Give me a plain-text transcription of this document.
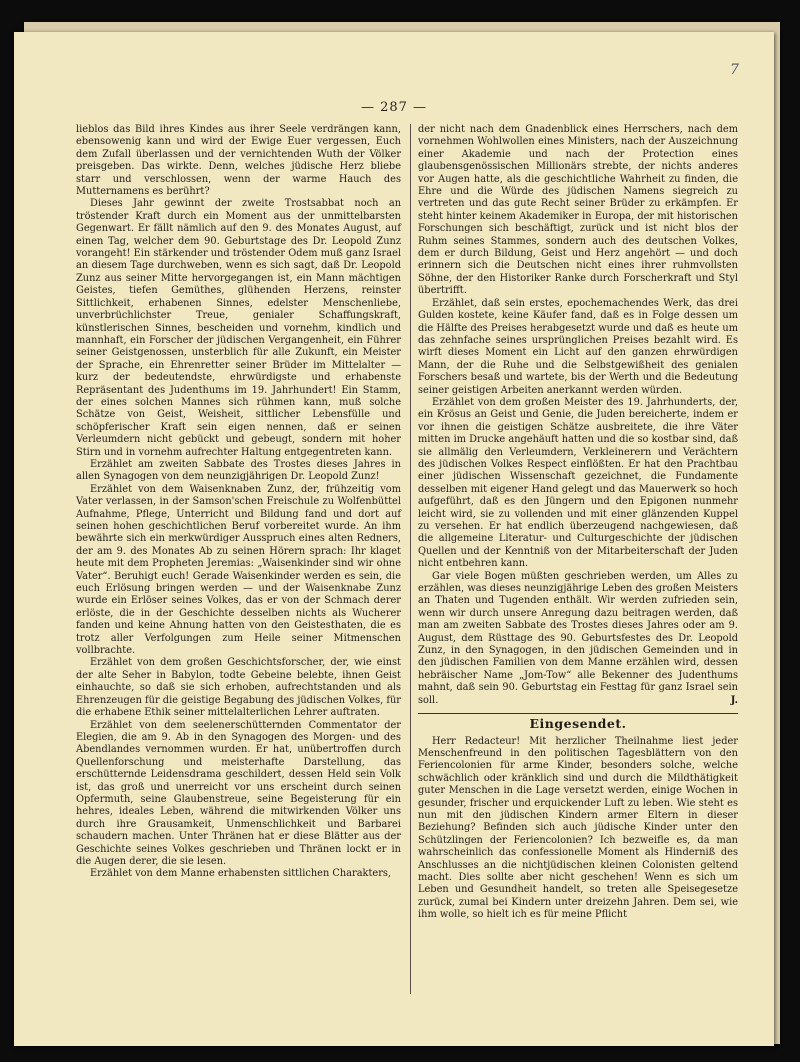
7
— 287 —

lieblos das Bild ihres Kindes aus ihrer Seele verdrängen kann, ebensowenig kann und wird der Ewige Euer vergessen, Euch dem Zufall überlassen und der vernichtenden Wuth der Völker preisgeben. Das wirkte. Denn, welches jüdische Herz bliebe starr und verschlossen, wenn der warme Hauch des Mutternamens es berührt?

Dieses Jahr gewinnt der zweite Trostsabbat noch an tröstender Kraft durch ein Moment aus der unmittelbarsten Gegenwart. Er fällt nämlich auf den 9. des Monates August, auf einen Tag, welcher dem 90. Geburtstage des Dr. Leopold Zunz vorangeht! Ein stärkender und tröstender Odem muß ganz Israel an diesem Tage durchweben, wenn es sich sagt, daß Dr. Leopold Zunz aus seiner Mitte hervorgegangen ist, ein Mann mächtigen Geistes, tiefen Gemüthes, glühenden Herzens, reinster Sittlichkeit, erhabenen Sinnes, edelster Menschenliebe, unverbrüchlichster Treue, genialer Schaffungskraft, künstlerischen Sinnes, bescheiden und vornehm, kindlich und mannhaft, ein Forscher der jüdischen Vergangenheit, ein Führer seiner Geistgenossen, unsterblich für alle Zukunft, ein Meister der Sprache, ein Ehrenretter seiner Brüder im Mittelalter — kurz der bedeutendste, ehrwürdigste und erhabenste Repräsentant des Judenthums im 19. Jahrhundert! Ein Stamm, der eines solchen Mannes sich rühmen kann, muß solche Schätze von Geist, Weisheit, sittlicher Lebensfülle und schöpferischer Kraft sein eigen nennen, daß er seinen Verleumdern nicht gebückt und gebeugt, sondern mit hoher Stirn und in vornehm aufrechter Haltung entgegentreten kann.

Erzählet am zweiten Sabbate des Trostes dieses Jahres in allen Synagogen von dem neunzigjährigen Dr. Leopold Zunz!

Erzählet von dem Waisenknaben Zunz, der, frühzeitig vom Vater verlassen, in der Samson'schen Freischule zu Wolfenbüttel Aufnahme, Pflege, Unterricht und Bildung fand und dort auf seinen hohen geschichtlichen Beruf vorbereitet wurde. An ihm bewährte sich ein merkwürdiger Ausspruch eines alten Redners, der am 9. des Monates Ab zu seinen Hörern sprach: Ihr klaget heute mit dem Propheten Jeremias: „Waisenkinder sind wir ohne Vater“. Beruhigt euch! Gerade Waisenkinder werden es sein, die euch Erlösung bringen werden — und der Waisenknabe Zunz wurde ein Erlöser seines Volkes, das er von der Schmach derer erlöste, die in der Geschichte desselben nichts als Wucherer fanden und keine Ahnung hatten von den Geistesthaten, die es trotz aller Verfolgungen zum Heile seiner Mitmenschen vollbrachte.

Erzählet von dem großen Geschichtsforscher, der, wie einst der alte Seher in Babylon, todte Gebeine belebte, ihnen Geist einhauchte, so daß sie sich erhoben, aufrechtstanden und als Ehrenzeugen für die geistige Begabung des jüdischen Volkes, für die erhabene Ethik seiner mittelalterlichen Lehrer auftraten.

Erzählet von dem seelenerschütternden Commentator der Elegien, die am 9. Ab in den Synagogen des Morgen- und des Abendlandes vernommen wurden. Er hat, unübertroffen durch Quellenforschung und meisterhafte Darstellung, das erschütternde Leidensdrama geschildert, dessen Held sein Volk ist, das groß und unerreicht vor uns erscheint durch seinen Opfermuth, seine Glaubenstreue, seine Begeisterung für ein hehres, ideales Leben, während die mitwirkenden Völker uns durch ihre Grausamkeit, Unmenschlichkeit und Barbarei schaudern machen. Unter Thränen hat er diese Blätter aus der Geschichte seines Volkes geschrieben und Thränen lockt er in die Augen derer, die sie lesen.

Erzählet von dem Manne erhabensten sittlichen Charakters,

der nicht nach dem Gnadenblick eines Herrschers, nach dem vornehmen Wohlwollen eines Ministers, nach der Auszeichnung einer Akademie und nach der Protection eines glaubensgenössischen Millionärs strebte, der nichts anderes vor Augen hatte, als die geschichtliche Wahrheit zu finden, die Ehre und die Würde des jüdischen Namens siegreich zu vertreten und das gute Recht seiner Brüder zu erkämpfen. Er steht hinter keinem Akademiker in Europa, der mit historischen Forschungen sich beschäftigt, zurück und ist nicht blos der Ruhm seines Stammes, sondern auch des deutschen Volkes, dem er durch Bildung, Geist und Herz angehört — und doch erinnern sich die Deutschen nicht eines ihrer ruhmvollsten Söhne, der den Historiker Ranke durch Forscherkraft und Styl übertrifft.

Erzählet, daß sein erstes, epochemachendes Werk, das drei Gulden kostete, keine Käufer fand, daß es in Folge dessen um die Hälfte des Preises herabgesetzt wurde und daß es heute um das zehnfache seines ursprünglichen Preises bezahlt wird. Es wirft dieses Moment ein Licht auf den ganzen ehrwürdigen Mann, der die Ruhe und die Selbstgewißheit des genialen Forschers besaß und wartete, bis der Werth und die Bedeutung seiner geistigen Arbeiten anerkannt werden würden.

Erzählet von dem großen Meister des 19. Jahrhunderts, der, ein Krösus an Geist und Genie, die Juden bereicherte, indem er vor ihnen die geistigen Schätze ausbreitete, die ihre Väter mitten im Drucke angehäuft hatten und die so kostbar sind, daß sie allmälig den Verleumdern, Verkleinerern und Verächtern des jüdischen Volkes Respect einflößten. Er hat den Prachtbau einer jüdischen Wissenschaft gezeichnet, die Fundamente desselben mit eigener Hand gelegt und das Mauerwerk so hoch aufgeführt, daß es den Jüngern und den Epigonen nunmehr leicht wird, sie zu vollenden und mit einer glänzenden Kuppel zu versehen. Er hat endlich überzeugend nachgewiesen, daß die allgemeine Literatur- und Culturgeschichte der jüdischen Quellen und der Kenntniß von der Mitarbeiterschaft der Juden nicht entbehren kann.

Gar viele Bogen müßten geschrieben werden, um Alles zu erzählen, was dieses neunzigjährige Leben des großen Meisters an Thaten und Tugenden enthält. Wir werden zufrieden sein, wenn wir durch unsere Anregung dazu beitragen werden, daß man am zweiten Sabbate des Trostes dieses Jahres oder am 9. August, dem Rüsttage des 90. Geburtsfestes des Dr. Leopold Zunz, in den Synagogen, in den jüdischen Gemeinden und in den jüdischen Familien von dem Manne erzählen wird, dessen hebräischer Name „Jom-Tow“ alle Bekenner des Judenthums mahnt, daß sein 90. Geburtstag ein Festtag für ganz Israel sein soll.	J.

Eingesendet.

Herr Redacteur! Mit herzlicher Theilnahme liest jeder Menschenfreund in den politischen Tagesblättern von den Feriencolonien für arme Kinder, besonders solche, welche schwächlich oder kränklich sind und durch die Mildthätigkeit guter Menschen in die Lage versetzt werden, einige Wochen in gesunder, frischer und erquickender Luft zu leben. Wie steht es nun mit den jüdischen Kindern armer Eltern in dieser Beziehung? Befinden sich auch jüdische Kinder unter den Schützlingen der Feriencolonien? Ich bezweifle es, da man wahrscheinlich das confessionelle Moment als Hinderniß des Anschlusses an die nichtjüdischen kleinen Colonisten geltend macht. Dies sollte aber nicht geschehen! Wenn es sich um Leben und Gesundheit handelt, so treten alle Speisegesetze zurück, zumal bei Kindern unter dreizehn Jahren. Dem sei, wie ihm wolle, so hielt ich es für meine Pflicht
